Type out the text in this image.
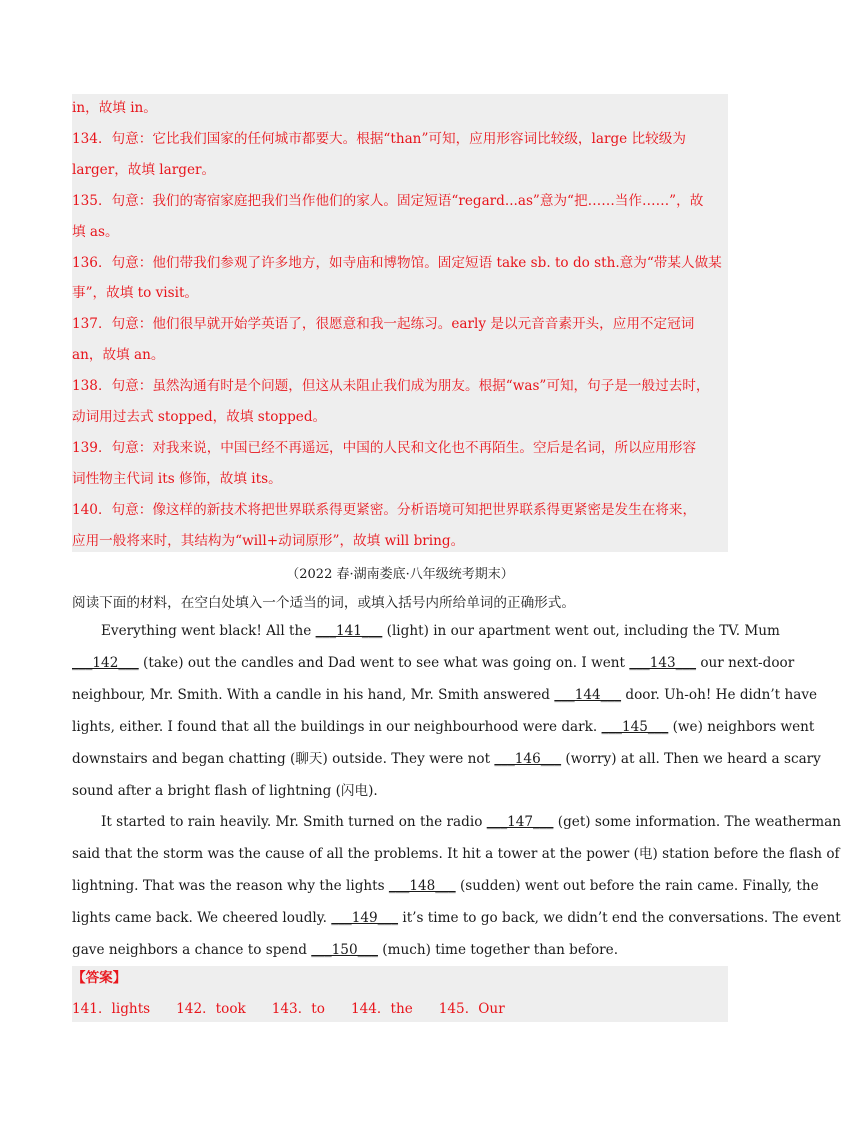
in，故填 in。
134．句意：它比我们国家的任何城市都要大。根据“than”可知，应用形容词比较级，large 比较级为
larger，故填 larger。
135．句意：我们的寄宿家庭把我们当作他们的家人。固定短语“regard...as”意为“把……当作……”，故
填 as。
136．句意：他们带我们参观了许多地方，如寺庙和博物馆。固定短语 take sb. to do sth.意为“带某人做某
事”，故填 to visit。
137．句意：他们很早就开始学英语了，很愿意和我一起练习。early 是以元音音素开头，应用不定冠词
an，故填 an。
138．句意：虽然沟通有时是个问题，但这从未阻止我们成为朋友。根据“was”可知，句子是一般过去时，
动词用过去式 stopped，故填 stopped。
139．句意：对我来说，中国已经不再遥远，中国的人民和文化也不再陌生。空后是名词，所以应用形容
词性物主代词 its 修饰，故填 its。
140．句意：像这样的新技术将把世界联系得更紧密。分析语境可知把世界联系得更紧密是发生在将来，
应用一般将来时，其结构为“will+动词原形”，故填 will bring。
（2022 春·湖南娄底·八年级统考期末）
阅读下面的材料，在空白处填入一个适当的词，或填入括号内所给单词的正确形式。
Everything went black! All the ___141___ (light) in our apartment went out, including the TV. Mum
___142___ (take) out the candles and Dad went to see what was going on. I went ___143___ our next-door
neighbour, Mr. Smith. With a candle in his hand, Mr. Smith answered ___144___ door. Uh-oh! He didn’t have
lights, either. I found that all the buildings in our neighbourhood were dark. ___145___ (we) neighbors went
downstairs and began chatting (聊天) outside. They were not ___146___ (worry) at all. Then we heard a scary
sound after a bright flash of lightning (闪电).
It started to rain heavily. Mr. Smith turned on the radio ___147___ (get) some information. The weatherman
said that the storm was the cause of all the problems. It hit a tower at the power (电) station before the flash of
lightning. That was the reason why the lights ___148___ (sudden) went out before the rain came. Finally, the
lights came back. We cheered loudly. ___149___ it’s time to go back, we didn’t end the conversations. The event
gave neighbors a chance to spend ___150___ (much) time together than before.
【答案】
141．lights 142．took 143．to 144．the 145．Our
